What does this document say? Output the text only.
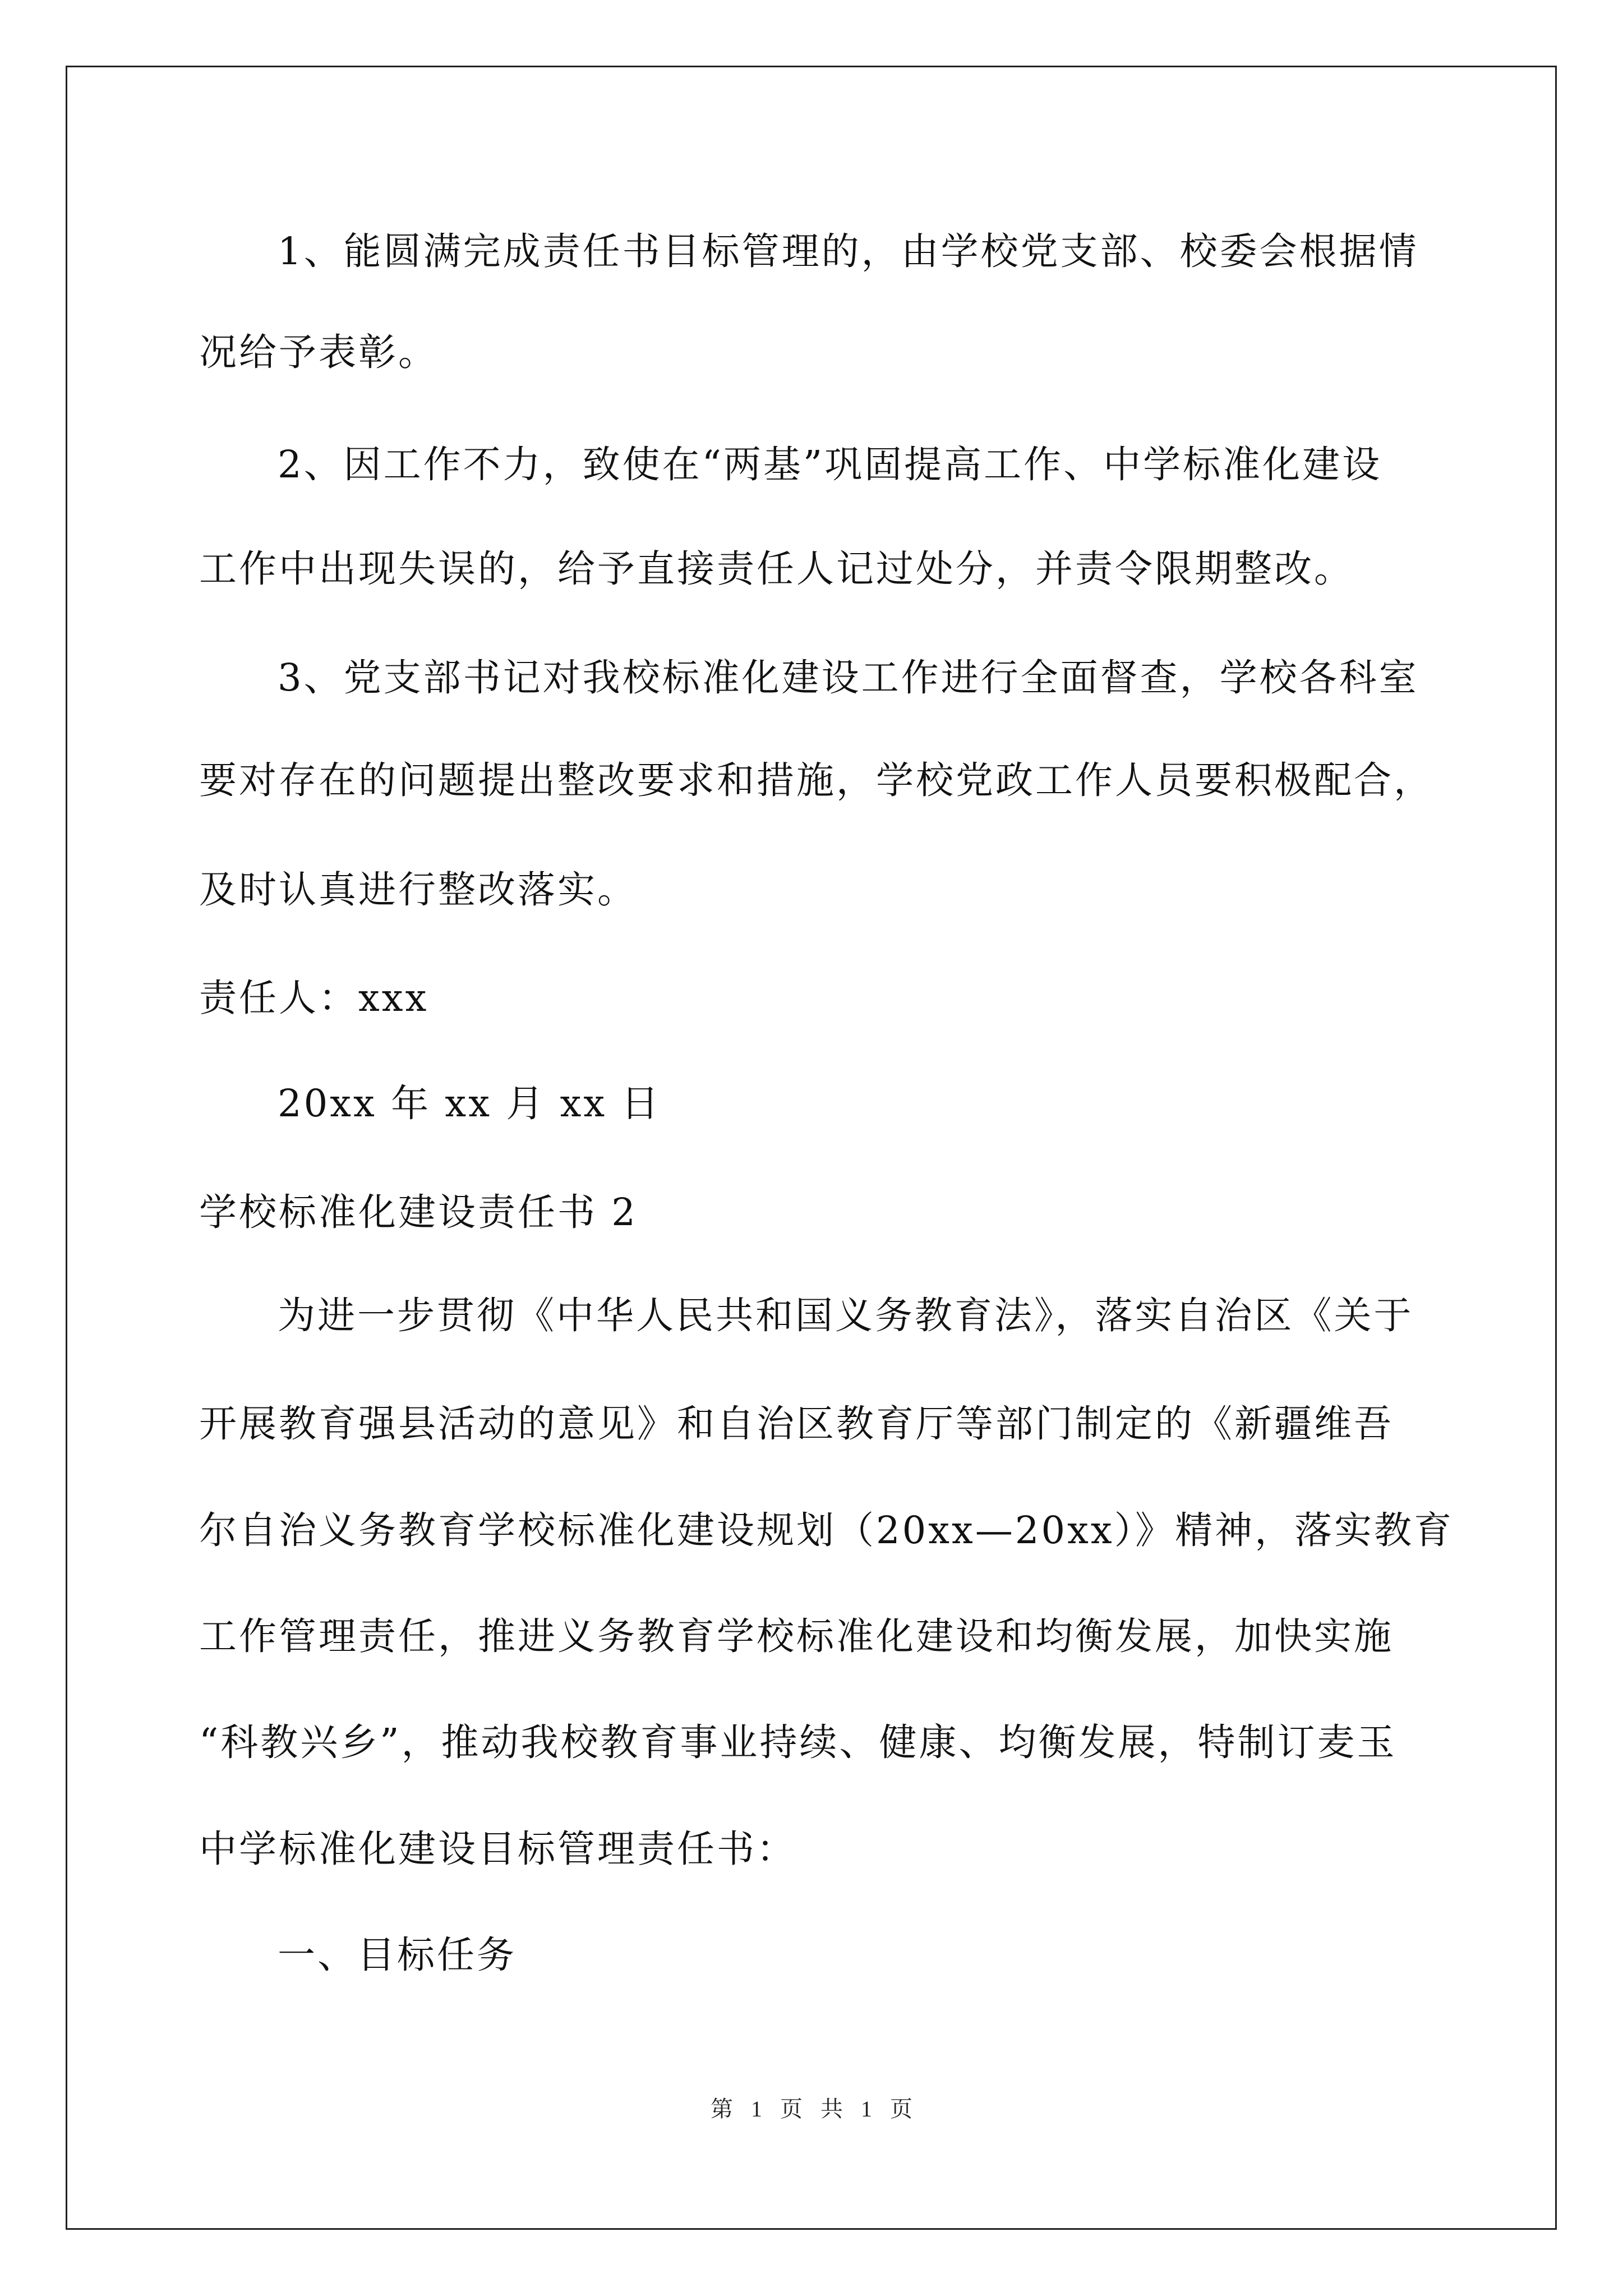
1、能圆满完成责任书目标管理的，由学校党支部、校委会根据情
况给予表彰。
2、因工作不力，致使在“两基”巩固提高工作、中学标准化建设
工作中出现失误的，给予直接责任人记过处分，并责令限期整改。
3、党支部书记对我校标准化建设工作进行全面督查，学校各科室
要对存在的问题提出整改要求和措施，学校党政工作人员要积极配合，
及时认真进行整改落实。
责任人：xxx
20xx 年 xx 月 xx 日
学校标准化建设责任书 2
为进一步贯彻《中华人民共和国义务教育法》，落实自治区《关于
开展教育强县活动的意见》和自治区教育厅等部门制定的《新疆维吾
尔自治义务教育学校标准化建设规划（20xx—20xx）》精神，落实教育
工作管理责任，推进义务教育学校标准化建设和均衡发展，加快实施
“科教兴乡”，推动我校教育事业持续、健康、均衡发展，特制订麦玉
中学标准化建设目标管理责任书：
一、目标任务
第 1 页 共 1 页
